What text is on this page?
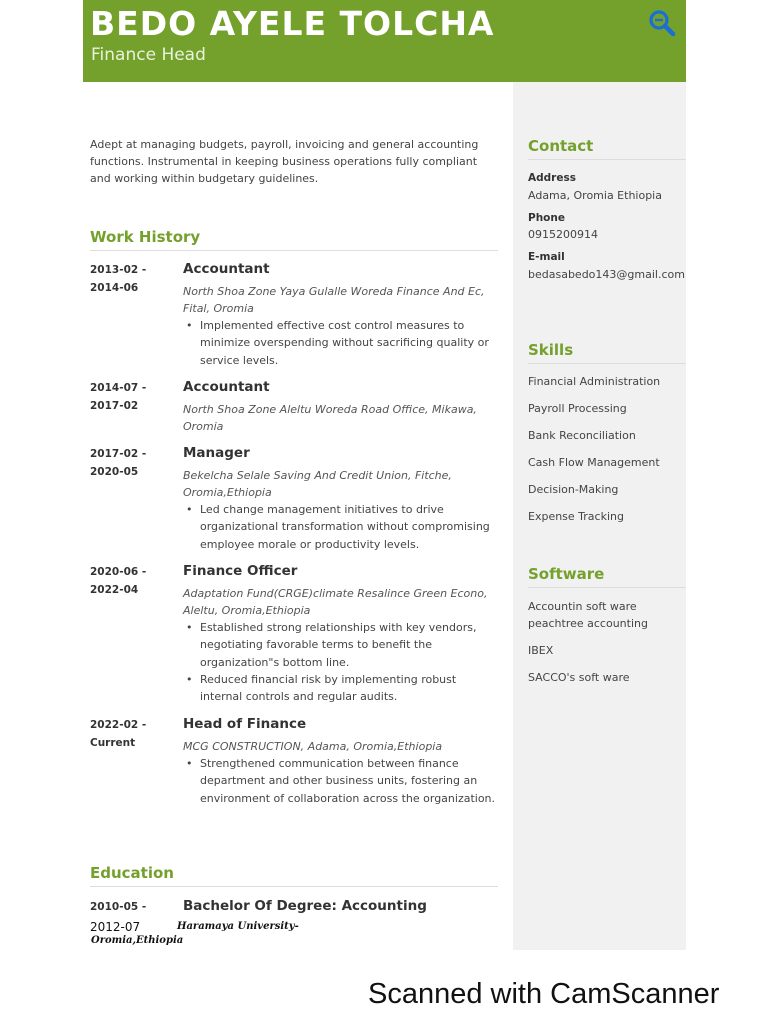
BEDO AYELE TOLCHA
Finance Head
Adept at managing budgets, payroll, invoicing and general accounting functions. Instrumental in keeping business operations fully compliant and working within budgetary guidelines.
Work History
2013-02 -
2014-06
Accountant
North Shoa Zone Yaya Gulalle Woreda Finance And Ec, Fital, Oromia
• Implemented effective cost control measures to minimize overspending without sacrificing quality or service levels.
2014-07 -
2017-02
Accountant
North Shoa Zone Aleltu Woreda Road Office, Mikawa, Oromia
2017-02 -
2020-05
Manager
Bekelcha Selale Saving And Credit Union, Fitche, Oromia,Ethiopia
• Led change management initiatives to drive organizational transformation without compromising employee morale or productivity levels.
2020-06 -
2022-04
Finance Officer
Adaptation Fund(CRGE)climate Resalince Green Econo, Aleltu, Oromia,Ethiopia
• Established strong relationships with key vendors, negotiating favorable terms to benefit the organization"s bottom line.
• Reduced financial risk by implementing robust internal controls and regular audits.
2022-02 -
Current
Head of Finance
MCG CONSTRUCTION, Adama, Oromia,Ethiopia
• Strengthened communication between finance department and other business units, fostering an environment of collaboration across the organization.
Education
2010-05 -
Contact
Address
Adama, Oromia Ethiopia
Phone
0915200914
E-mail
bedasabedo143@gmail.com
Skills
Financial Administration
Payroll Processing
Bank Reconciliation
Cash Flow Management
Decision-Making
Expense Tracking
Software
Accountin soft ware
peachtree accounting
IBEX
SACCO's soft ware
Bachelor Of Degree: Accounting
2012-07	Haramaya University-
Oromia,Ethiopia
Scanned with CamScanner
